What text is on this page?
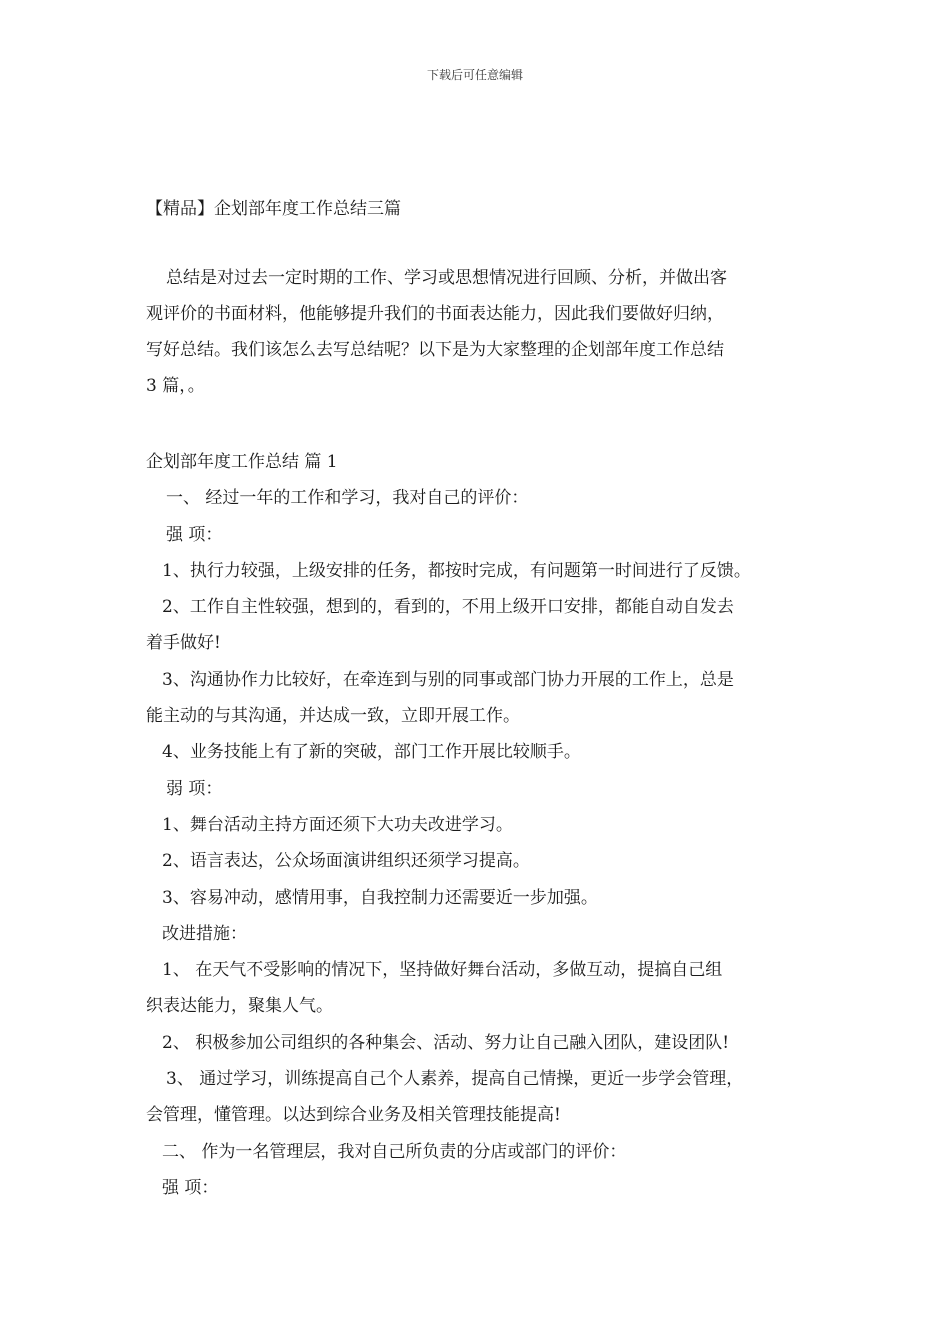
下载后可任意编辑
【精品】企划部年度工作总结三篇
总结是对过去一定时期的工作、学习或思想情况进行回顾、分析，并做出客
观评价的书面材料，他能够提升我们的书面表达能力，因此我们要做好归纳，
写好总结。我们该怎么去写总结呢？以下是为大家整理的企划部年度工作总结
3 篇，。
企划部年度工作总结 篇 1
一、 经过一年的工作和学习，我对自己的评价：
强 项：
1、执行力较强，上级安排的任务，都按时完成，有问题第一时间进行了反馈。
2、工作自主性较强，想到的，看到的，不用上级开口安排，都能自动自发去
着手做好!
3、沟通协作力比较好，在牵连到与别的同事或部门协力开展的工作上，总是
能主动的与其沟通，并达成一致，立即开展工作。
4、业务技能上有了新的突破，部门工作开展比较顺手。
弱 项：
1、舞台活动主持方面还须下大功夫改进学习。
2、语言表达，公众场面演讲组织还须学习提高。
3、容易冲动，感情用事，自我控制力还需要近一步加强。
改进措施：
1、 在天气不受影响的情况下，坚持做好舞台活动，多做互动，提搞自己组
织表达能力，聚集人气。
2、 积极参加公司组织的各种集会、活动、努力让自己融入团队，建设团队!
3、 通过学习，训练提高自己个人素养，提高自己情操，更近一步学会管理，
会管理，懂管理。以达到综合业务及相关管理技能提高!
二、 作为一名管理层，我对自己所负责的分店或部门的评价：
强 项：
